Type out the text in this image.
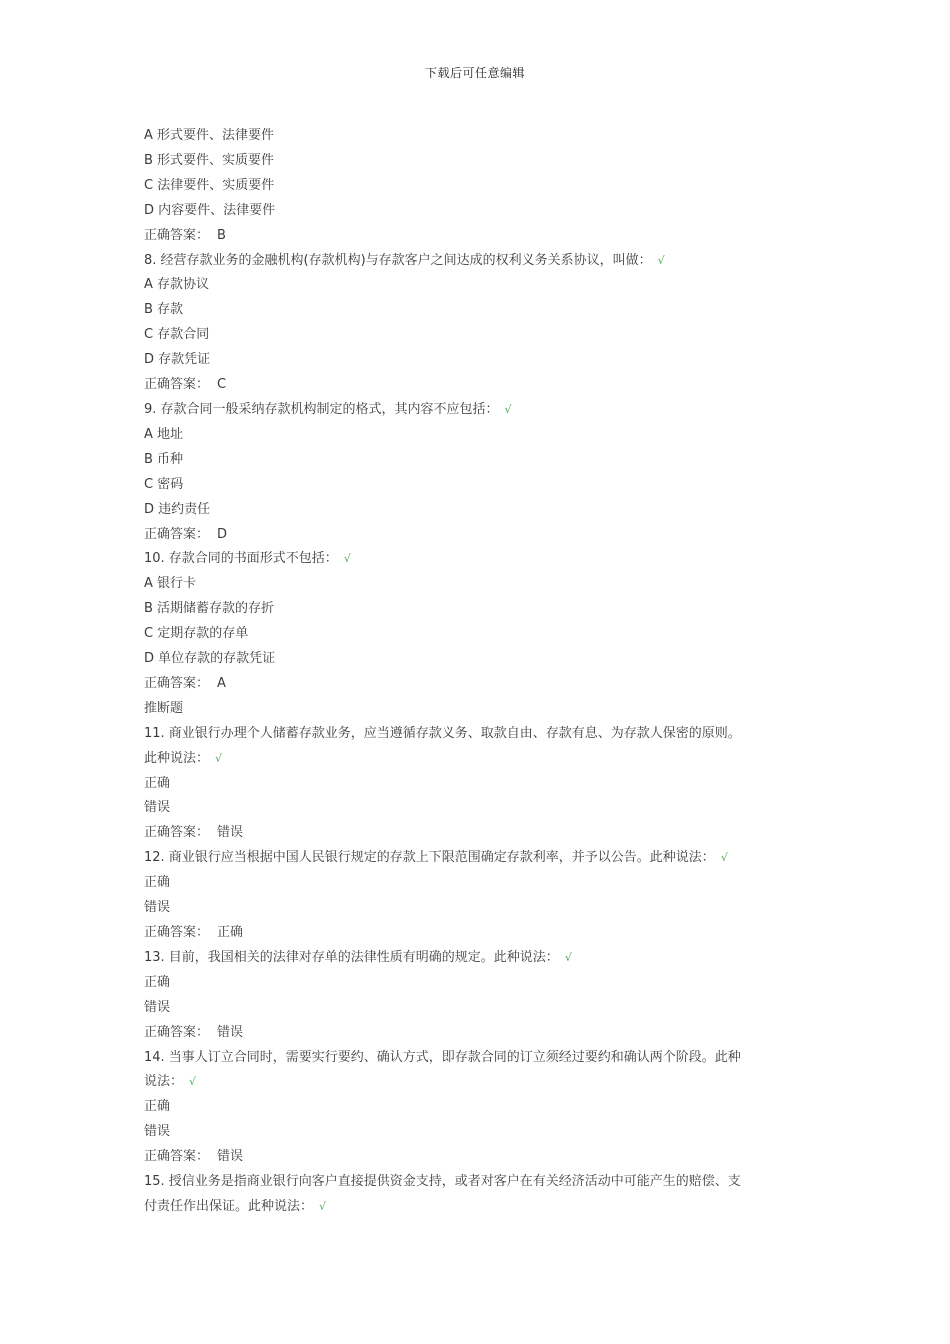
下载后可任意编辑
A 形式要件、法律要件
B 形式要件、实质要件
C 法律要件、实质要件
D 内容要件、法律要件
正确答案： B
8. 经营存款业务的金融机构(存款机构)与存款客户之间达成的权利义务关系协议，叫做： √
A 存款协议
B 存款
C 存款合同
D 存款凭证
正确答案： C
9. 存款合同一般采纳存款机构制定的格式，其内容不应包括： √
A 地址
B 币种
C 密码
D 违约责任
正确答案： D
10. 存款合同的书面形式不包括： √
A 银行卡
B 活期储蓄存款的存折
C 定期存款的存单
D 单位存款的存款凭证
正确答案： A
推断题
11. 商业银行办理个人储蓄存款业务，应当遵循存款义务、取款自由、存款有息、为存款人保密的原则。
此种说法： √
正确
错误
正确答案： 错误
12. 商业银行应当根据中国人民银行规定的存款上下限范围确定存款利率，并予以公告。此种说法： √
正确
错误
正确答案： 正确
13. 目前，我国相关的法律对存单的法律性质有明确的规定。此种说法： √
正确
错误
正确答案： 错误
14. 当事人订立合同时，需要实行要约、确认方式，即存款合同的订立须经过要约和确认两个阶段。此种
说法： √
正确
错误
正确答案： 错误
15. 授信业务是指商业银行向客户直接提供资金支持，或者对客户在有关经济活动中可能产生的赔偿、支
付责任作出保证。此种说法： √
